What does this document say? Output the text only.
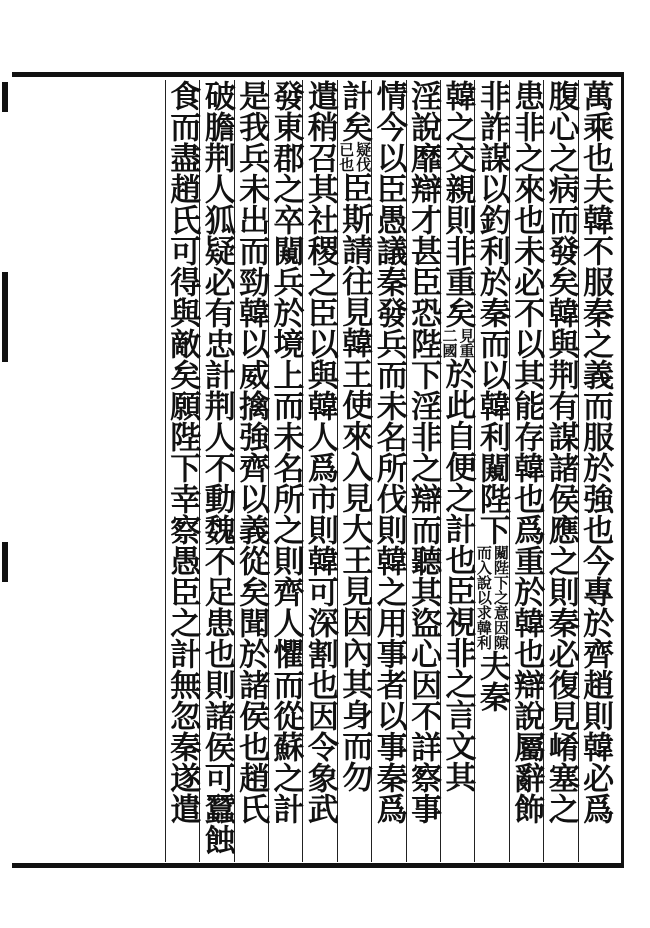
萬乘也夫韓不服秦之義而服於強也今專於齊趙則韓必爲
腹心之病而發矣韓與荆有謀諸侯應之則秦必復見崤塞之
患非之來也未必不以其能存韓也爲重於韓也辯說屬辭飾
非詐謀以釣利於秦而以韓利闚陛下
闚陛下
而入說
之意因
以求韓
隙
利
夫秦
韓之交親則非重矣
見重
二國
於此自便之計也臣視非之言文其
淫說靡辯才甚臣恐陛下淫非之辯而聽其盜心因不詳察事
情今以臣愚議秦發兵而未名所伐則韓之用事者以事秦爲
計矣
疑伐
已也
臣斯請往見韓王使來入見大王見因內其身而勿
遣稍召其社稷之臣以與韓人爲市則韓可深割也因令象武
發東郡之卒闚兵於境上而未名所之則齊人懼而從蘇之計
是我兵未出而勁韓以威擒強齊以義從矣聞於諸侯也趙氏
破膽荆人狐疑必有忠計荆人不動魏不足患也則諸侯可蠶蝕
食而盡趙氏可得與敵矣願陛下幸察愚臣之計無忽秦遂遣
